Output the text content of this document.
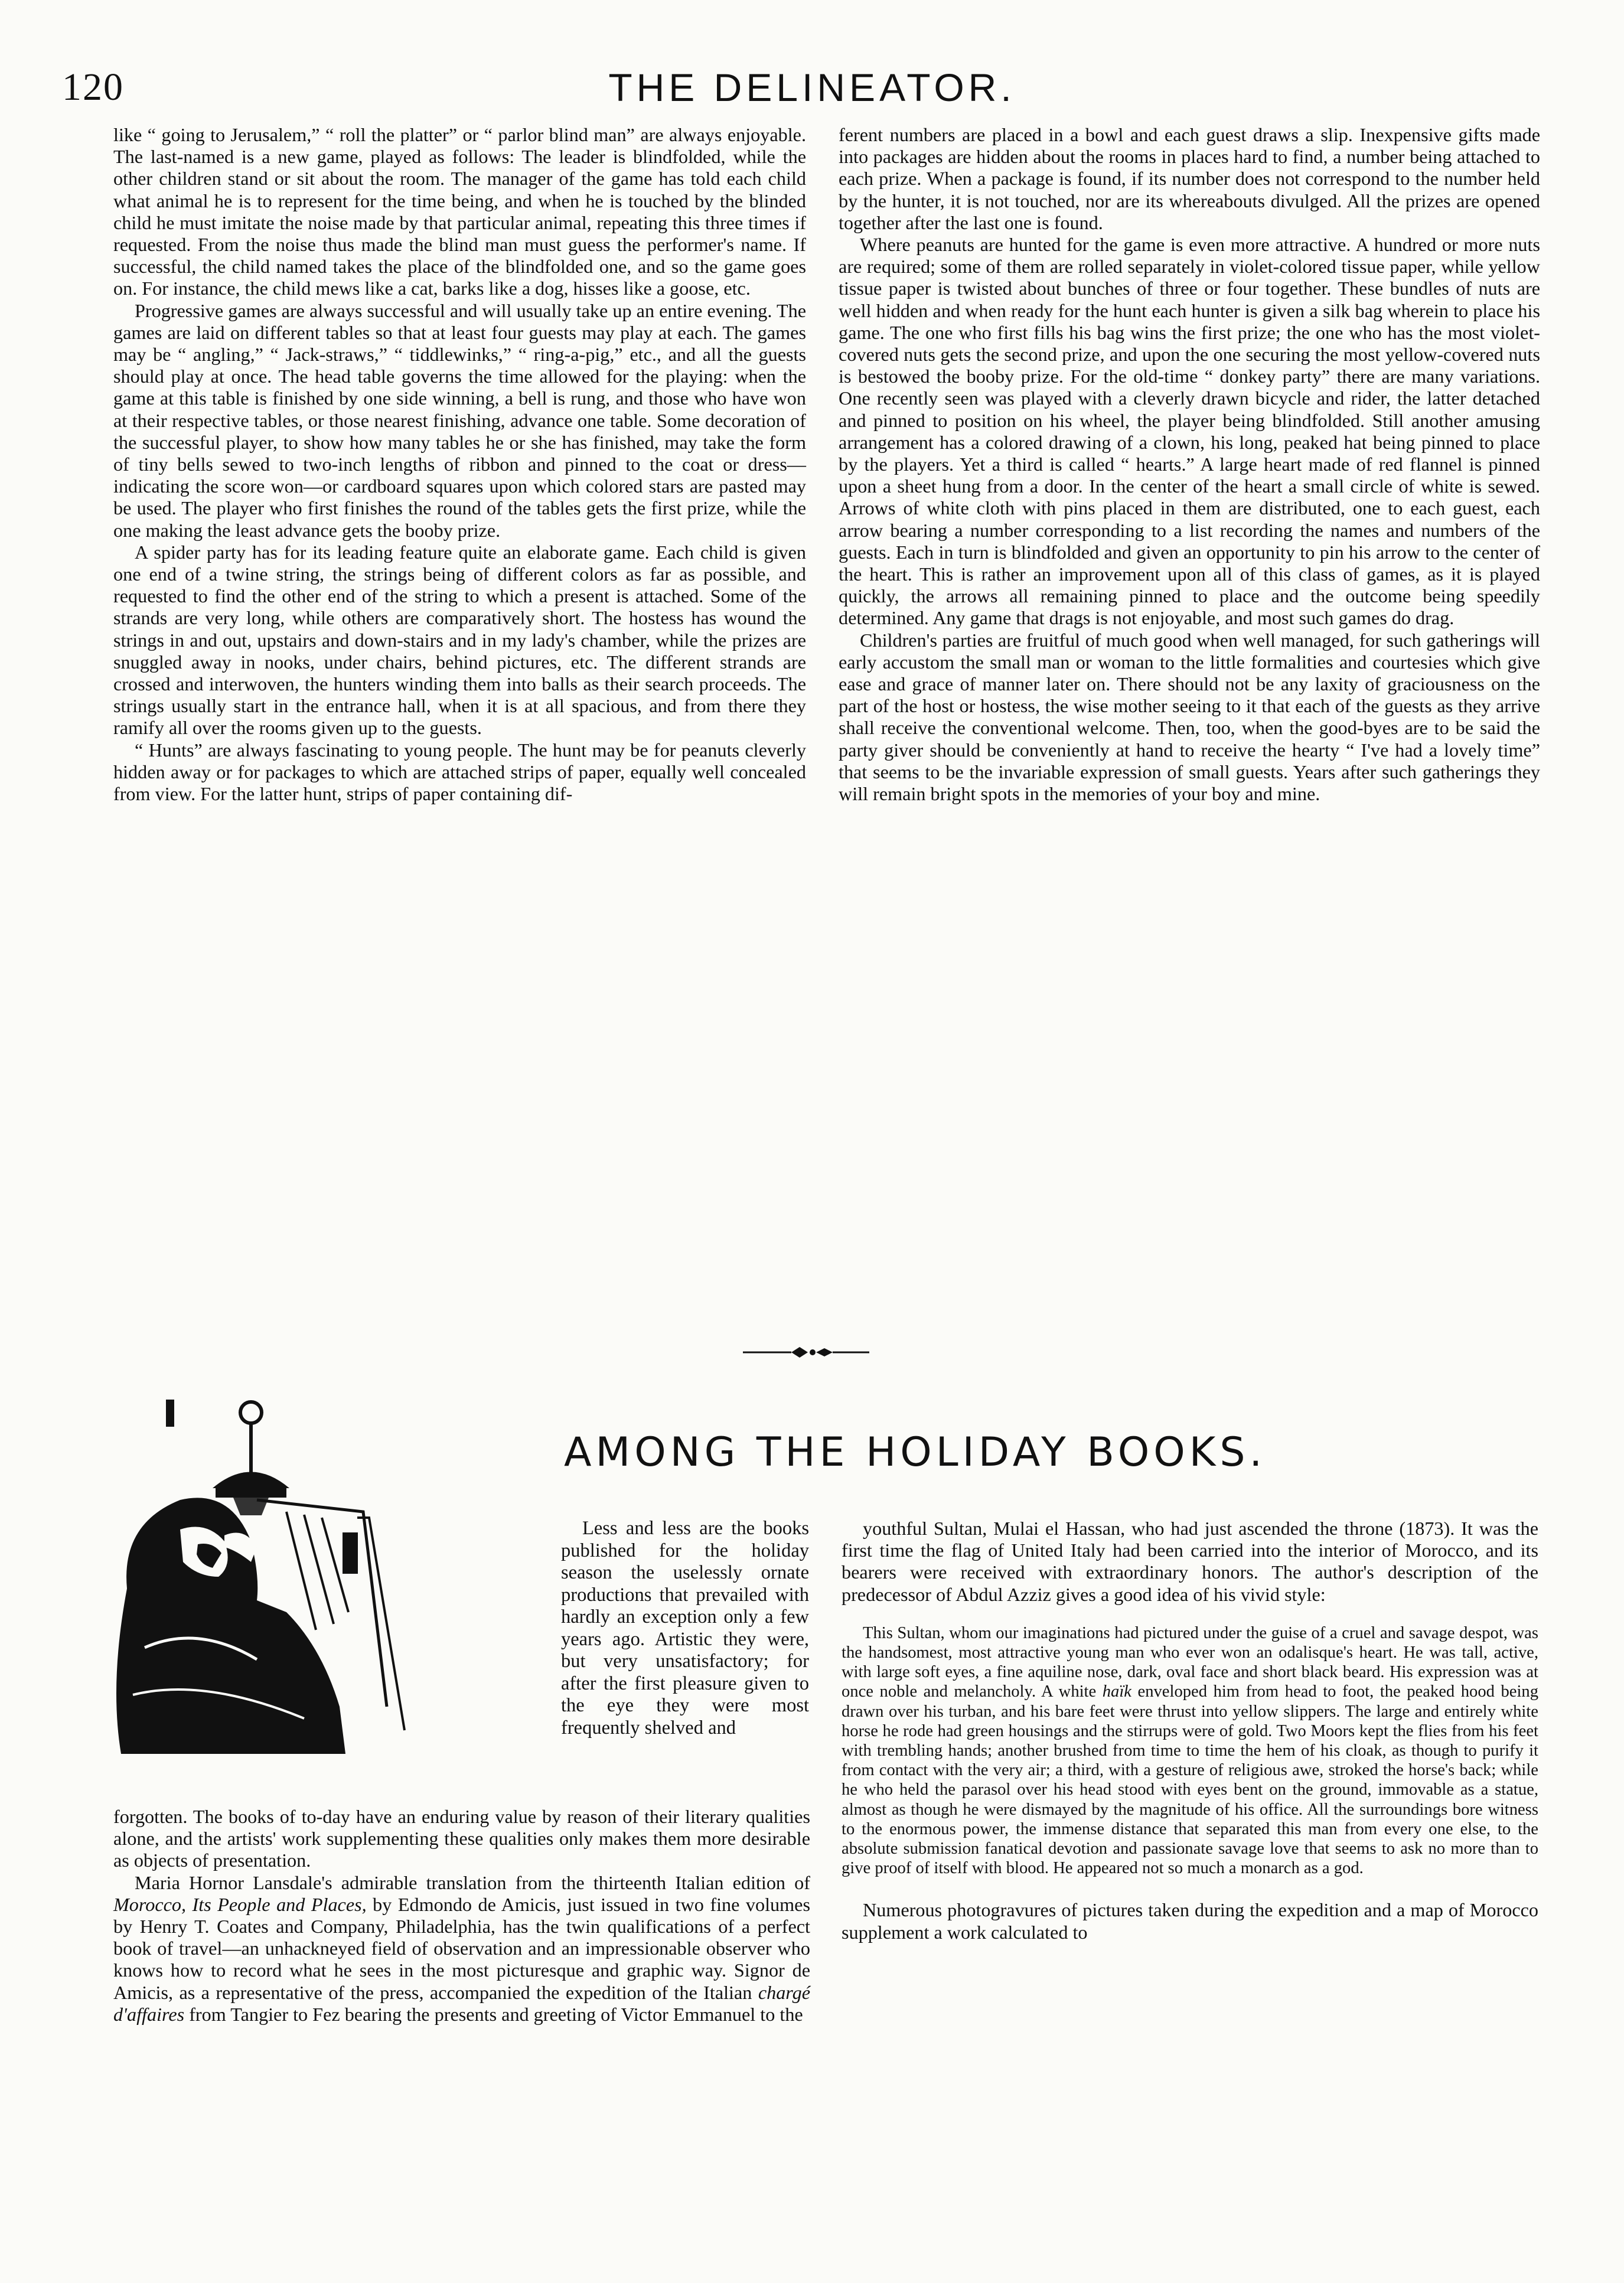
120	THE DELINEATOR.

like “ going to Jerusalem,” “ roll the platter” or “ parlor blind man” are always enjoyable. The last-named is a new game, played as follows: The leader is blindfolded, while the other children stand or sit about the room. The manager of the game has told each child what animal he is to represent for the time being, and when he is touched by the blinded child he must imitate the noise made by that particular animal, repeating this three times if requested. From the noise thus made the blind man must guess the performer's name. If successful, the child named takes the place of the blindfolded one, and so the game goes on. For instance, the child mews like a cat, barks like a dog, hisses like a goose, etc.

Progressive games are always successful and will usually take up an entire evening. The games are laid on different tables so that at least four guests may play at each. The games may be “ angling,” “ Jack-straws,” “ tiddlewinks,” “ ring-a-pig,” etc., and all the guests should play at once. The head table governs the time allowed for the playing: when the game at this table is finished by one side winning, a bell is rung, and those who have won at their respective tables, or those nearest finishing, advance one table. Some decoration of the successful player, to show how many tables he or she has finished, may take the form of tiny bells sewed to two-inch lengths of ribbon and pinned to the coat or dress—indicating the score won—or cardboard squares upon which colored stars are pasted may be used. The player who first finishes the round of the tables gets the first prize, while the one making the least advance gets the booby prize.

A spider party has for its leading feature quite an elaborate game. Each child is given one end of a twine string, the strings being of different colors as far as possible, and requested to find the other end of the string to which a present is attached. Some of the strands are very long, while others are comparatively short. The hostess has wound the strings in and out, upstairs and down-stairs and in my lady's chamber, while the prizes are snuggled away in nooks, under chairs, behind pictures, etc. The different strands are crossed and interwoven, the hunters winding them into balls as their search proceeds. The strings usually start in the entrance hall, when it is at all spacious, and from there they ramify all over the rooms given up to the guests.

“ Hunts” are always fascinating to young people. The hunt may be for peanuts cleverly hidden away or for packages to which are attached strips of paper, equally well concealed from view. For the latter hunt, strips of paper containing dif-

ferent numbers are placed in a bowl and each guest draws a slip. Inexpensive gifts made into packages are hidden about the rooms in places hard to find, a number being attached to each prize. When a package is found, if its number does not correspond to the number held by the hunter, it is not touched, nor are its whereabouts divulged. All the prizes are opened together after the last one is found.

Where peanuts are hunted for the game is even more attractive. A hundred or more nuts are required; some of them are rolled separately in violet-colored tissue paper, while yellow tissue paper is twisted about bunches of three or four together. These bundles of nuts are well hidden and when ready for the hunt each hunter is given a silk bag wherein to place his game. The one who first fills his bag wins the first prize; the one who has the most violet-covered nuts gets the second prize, and upon the one securing the most yellow-covered nuts is bestowed the booby prize. For the old-time “ donkey party” there are many variations. One recently seen was played with a cleverly drawn bicycle and rider, the latter detached and pinned to position on his wheel, the player being blindfolded. Still another amusing arrangement has a colored drawing of a clown, his long, peaked hat being pinned to place by the players. Yet a third is called “ hearts.” A large heart made of red flannel is pinned upon a sheet hung from a door. In the center of the heart a small circle of white is sewed. Arrows of white cloth with pins placed in them are distributed, one to each guest, each arrow bearing a number corresponding to a list recording the names and numbers of the guests. Each in turn is blindfolded and given an opportunity to pin his arrow to the center of the heart. This is rather an improvement upon all of this class of games, as it is played quickly, the arrows all remaining pinned to place and the outcome being speedily determined. Any game that drags is not enjoyable, and most such games do drag.

Children's parties are fruitful of much good when well managed, for such gatherings will early accustom the small man or woman to the little formalities and courtesies which give ease and grace of manner later on. There should not be any laxity of graciousness on the part of the host or hostess, the wise mother seeing to it that each of the guests as they arrive shall receive the conventional welcome. Then, too, when the good-byes are to be said the party giver should be conveniently at hand to receive the hearty “ I've had a lovely time” that seems to be the invariable expression of small guests. Years after such gatherings they will remain bright spots in the memories of your boy and mine.

AMONG THE HOLIDAY BOOKS.

Less and less are the books published for the holiday season the uselessly ornate productions that prevailed with hardly an exception only a few years ago. Artistic they were, but very unsatisfactory; for after the first pleasure given to the eye they were most frequently shelved and

forgotten. The books of to-day have an enduring value by reason of their literary qualities alone, and the artists' work supplementing these qualities only makes them more desirable as objects of presentation.

Maria Hornor Lansdale's admirable translation from the thirteenth Italian edition of Morocco, Its People and Places, by Edmondo de Amicis, just issued in two fine volumes by Henry T. Coates and Company, Philadelphia, has the twin qualifications of a perfect book of travel—an unhackneyed field of observation and an impressionable observer who knows how to record what he sees in the most picturesque and graphic way. Signor de Amicis, as a representative of the press, accompanied the expedition of the Italian chargé d'affaires from Tangier to Fez bearing the presents and greeting of Victor Emmanuel to the

youthful Sultan, Mulai el Hassan, who had just ascended the throne (1873). It was the first time the flag of United Italy had been carried into the interior of Morocco, and its bearers were received with extraordinary honors. The author's description of the predecessor of Abdul Azziz gives a good idea of his vivid style:

This Sultan, whom our imaginations had pictured under the guise of a cruel and savage despot, was the handsomest, most attractive young man who ever won an odalisque's heart. He was tall, active, with large soft eyes, a fine aquiline nose, dark, oval face and short black beard. His expression was at once noble and melancholy. A white haïk enveloped him from head to foot, the peaked hood being drawn over his turban, and his bare feet were thrust into yellow slippers. The large and entirely white horse he rode had green housings and the stirrups were of gold. Two Moors kept the flies from his feet with trembling hands; another brushed from time to time the hem of his cloak, as though to purify it from contact with the very air; a third, with a gesture of religious awe, stroked the horse's back; while he who held the parasol over his head stood with eyes bent on the ground, immovable as a statue, almost as though he were dismayed by the magnitude of his office. All the surroundings bore witness to the enormous power, the immense distance that separated this man from every one else, to the absolute submission fanatical devotion and passionate savage love that seems to ask no more than to give proof of itself with blood. He appeared not so much a monarch as a god.

Numerous photogravures of pictures taken during the expedition and a map of Morocco supplement a work calculated to
